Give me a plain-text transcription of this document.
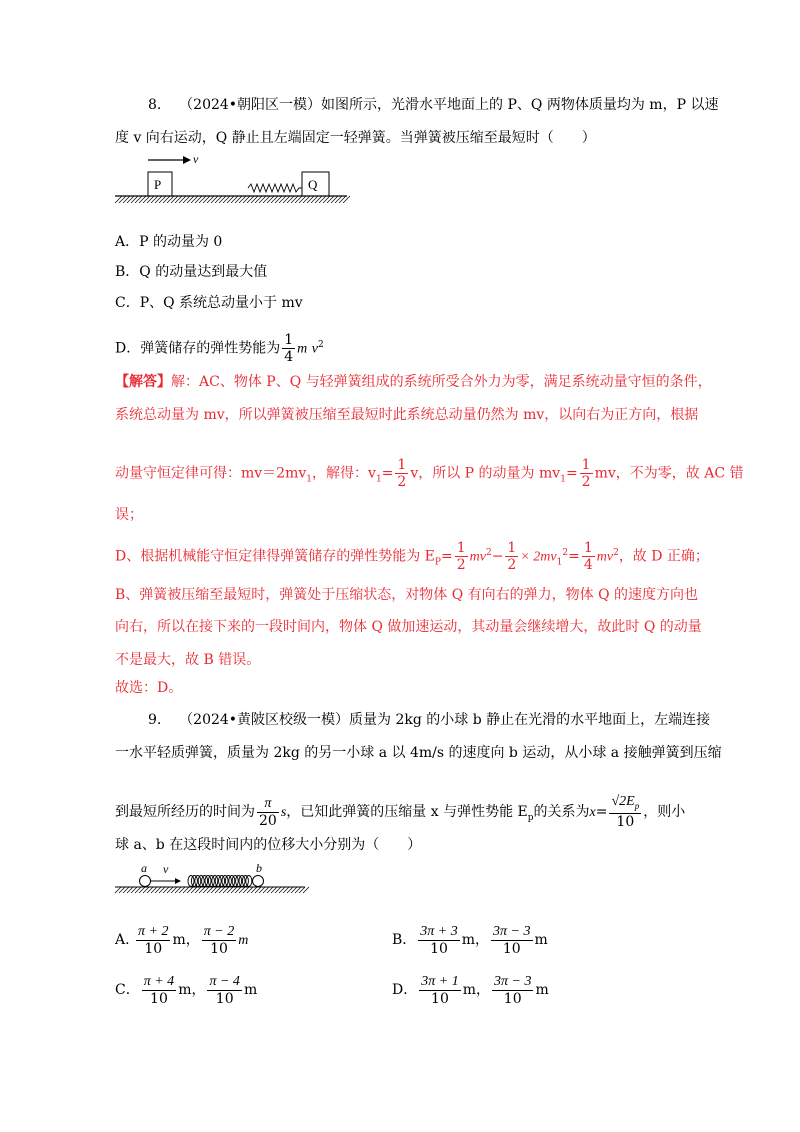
8. （2024•朝阳区一模）如图所示，光滑水平地面上的 P、Q 两物体质量均为 m，P 以速
度 v 向右运动，Q 静止且左端固定一轻弹簧。当弹簧被压缩至最短时（　　）
v
P	Q
A．P 的动量为 0
B．Q 的动量达到最大值
C．P、Q 系统总动量小于 mv
D．弹簧储存的弹性势能为 $\frac{1}{4}$ m $v^2$
【解答】解：AC、物体 P、Q 与轻弹簧组成的系统所受合外力为零，满足系统动量守恒的条件，
系统总动量为 mv，所以弹簧被压缩至最短时此系统总动量仍然为 mv，以向右为正方向，根据
动量守恒定律可得：$mv=2mv_1$，解得：$v_1= \frac{1}{2}$ v，所以 P 的动量为 $mv_1= \frac{1}{2}$ mv，不为零，故 AC 错
误；
D、根据机械能守恒定律得弹簧储存的弹性势能为 $E_P= \frac{1}{2} mv^2- \frac{1}{2} \times 2mv_1^2= \frac{1}{4} mv^2$，故 D 正确；
B、弹簧被压缩至最短时，弹簧处于压缩状态，对物体 Q 有向右的弹力，物体 Q 的速度方向也
向右，所以在接下来的一段时间内，物体 Q 做加速运动，其动量会继续增大，故此时 Q 的动量
不是最大，故 B 错误。
故选：D。
9. （2024•黄陂区校级一模）质量为 2kg 的小球 b 静止在光滑的水平地面上，左端连接
一水平轻质弹簧，质量为 2kg 的另一小球 a 以 4m/s 的速度向 b 运动，从小球 a 接触弹簧到压缩
到最短所经历的时间为 $\frac{\pi}{20}$ s，已知此弹簧的压缩量 x 与弹性势能 $E_p$的关系为$x= \frac{√2E_p}{10}$ ，则小
球 a、b 在这段时间内的位移大小分别为（　　）
a v	b
A. $\frac{\pi + 2}{10}$ m， $\frac{\pi - 2}{10}$ m	B． $\frac{3\pi + 3}{10}$ m， $\frac{3\pi - 3}{10}$ m
C． $\frac{\pi + 4}{10}$ m， $\frac{\pi - 4}{10}$ m	D． $\frac{3\pi + 1}{10}$ m， $\frac{3\pi - 3}{10}$ m
